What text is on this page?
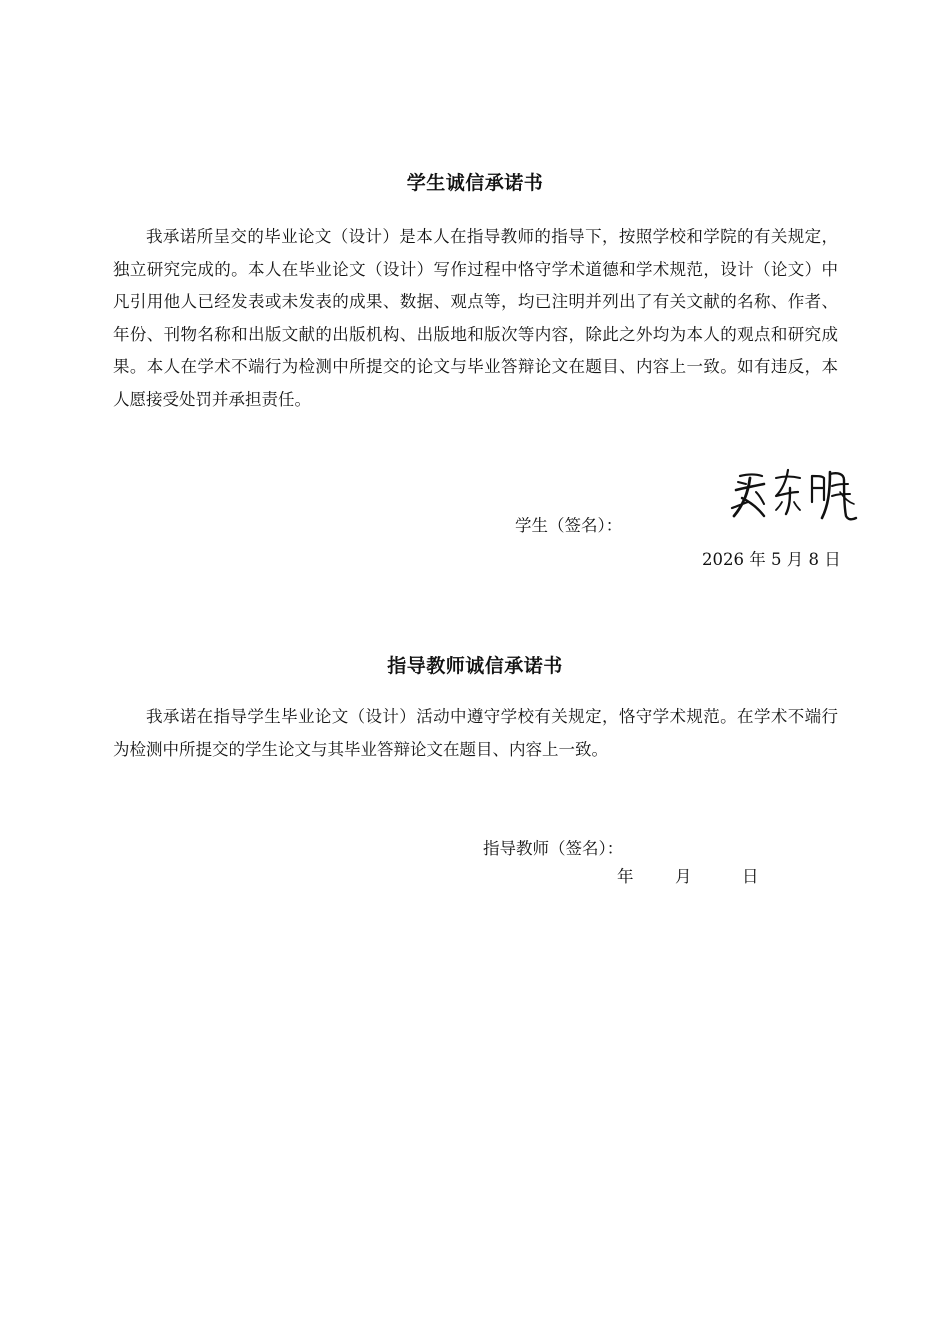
学生诚信承诺书

我承诺所呈交的毕业论文（设计）是本人在指导教师的指导下，按照学校和学院的有关规定，独立研究完成的。本人在毕业论文（设计）写作过程中恪守学术道德和学术规范，设计（论文）中凡引用他人已经发表或未发表的成果、数据、观点等，均已注明并列出了有关文献的名称、作者、年份、刊物名称和出版文献的出版机构、出版地和版次等内容，除此之外均为本人的观点和研究成果。本人在学术不端行为检测中所提交的论文与毕业答辩论文在题目、内容上一致。如有违反，本人愿接受处罚并承担责任。

学生（签名）：
2026 年 5 月 8 日
指导教师诚信承诺书

我承诺在指导学生毕业论文（设计）活动中遵守学校有关规定，恪守学术规范。在学术不端行为检测中所提交的学生论文与其毕业答辩论文在题目、内容上一致。

指导教师（签名）：
年	月	日
